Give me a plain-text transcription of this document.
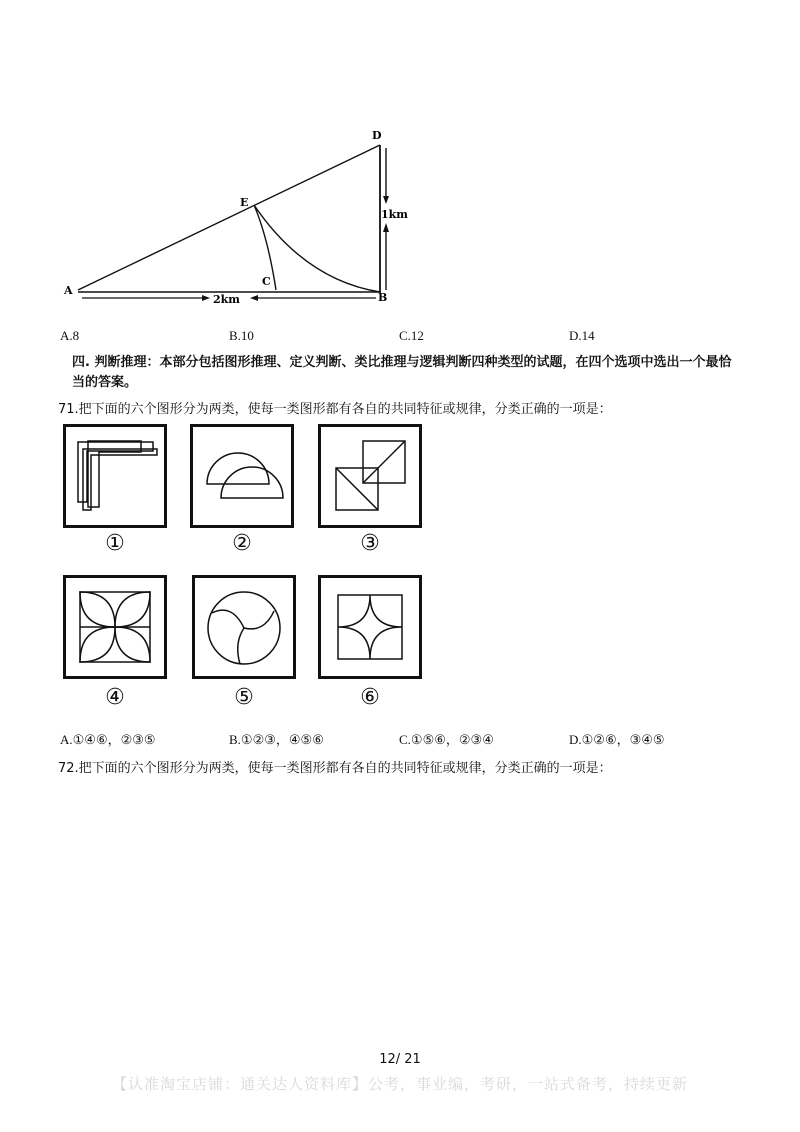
A
B
C
D
E
2km
1km
A.8	B.10	C.12	D.14
四. 判断推理：本部分包括图形推理、定义判断、类比推理与逻辑判断四种类型的试题，在四个选项中选出一个最恰当的答案。
71.把下面的六个图形分为两类，使每一类图形都有各自的共同特征或规律，分类正确的一项是：
①	②	③
④	⑤	⑥
A.①④⑥，②③⑤	B.①②③，④⑤⑥	C.①⑤⑥，②③④	D.①②⑥，③④⑤
72.把下面的六个图形分为两类，使每一类图形都有各自的共同特征或规律，分类正确的一项是：
12/ 21
【认准淘宝店铺：通关达人资料库】公考，事业编，考研，一站式备考，持续更新
